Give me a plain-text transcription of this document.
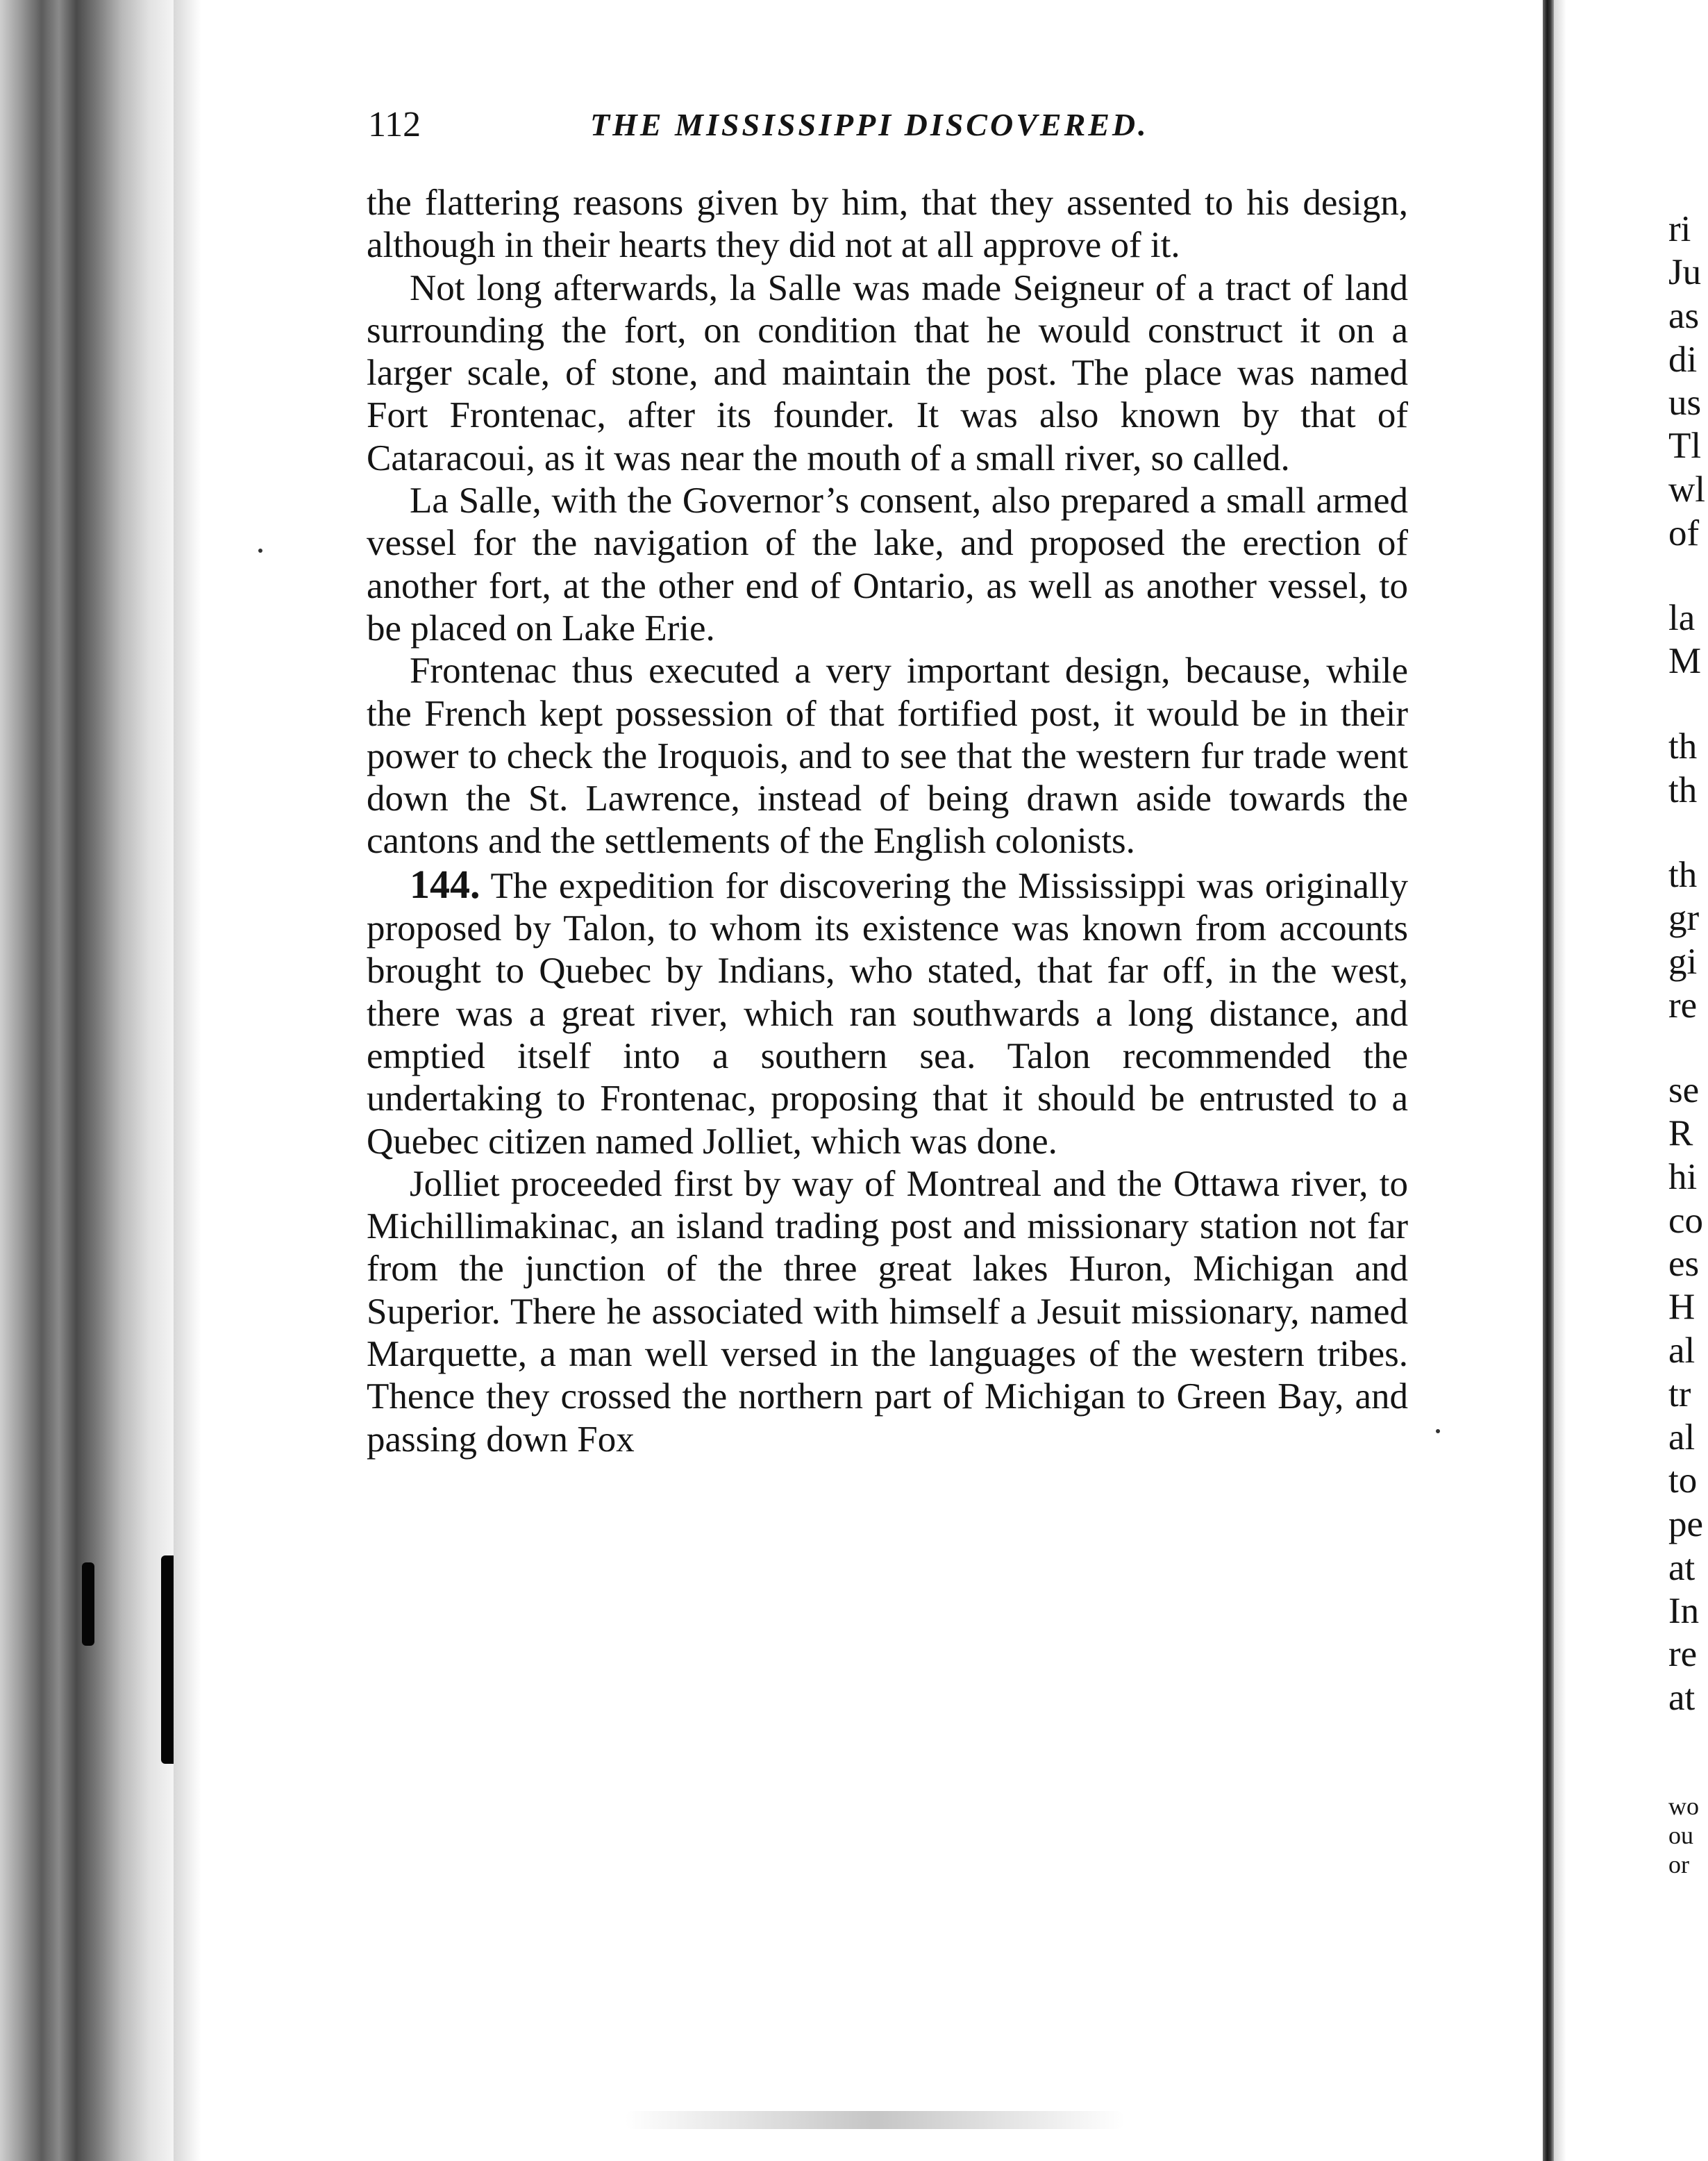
112	THE MISSISSIPPI DISCOVERED.

the flattering reasons given by him, that they assented to his design, although in their hearts they did not at all approve of it.

Not long afterwards, la Salle was made Seigneur of a tract of land surrounding the fort, on condition that he would construct it on a larger scale, of stone, and maintain the post. The place was named Fort Frontenac, after its founder. It was also known by that of Cataracoui, as it was near the mouth of a small river, so called.

La Salle, with the Governor’s consent, also prepared a small armed vessel for the navigation of the lake, and proposed the erection of another fort, at the other end of Ontario, as well as another vessel, to be placed on Lake Erie.

Frontenac thus executed a very important design, because, while the French kept possession of that fortified post, it would be in their power to check the Iroquois, and to see that the western fur trade went down the St. Lawrence, instead of being drawn aside towards the cantons and the settlements of the English colonists.

144. The expedition for discovering the Mississippi was originally proposed by Talon, to whom its existence was known from accounts brought to Quebec by Indians, who stated, that far off, in the west, there was a great river, which ran southwards a long distance, and emptied itself into a southern sea. Talon recommended the undertaking to Frontenac, proposing that it should be entrusted to a Quebec citizen named Jolliet, which was done.

Jolliet proceeded first by way of Montreal and the Ottawa river, to Michillimakinac, an island trading post and missionary station not far from the junction of the three great lakes Huron, Michigan and Superior. There he associated with himself a Jesuit missionary, named Marquette, a man well versed in the languages of the western tribes. Thence they crossed the northern part of Michigan to Green Bay, and passing down Fox

ri
Ju
as
di
us
Tl
wl
of
la
M
th
th
th
gr
gi
re
se
R
hi
co
es
H
al
tr
al
to
pe
at
In
re
at
wo
ou
or
